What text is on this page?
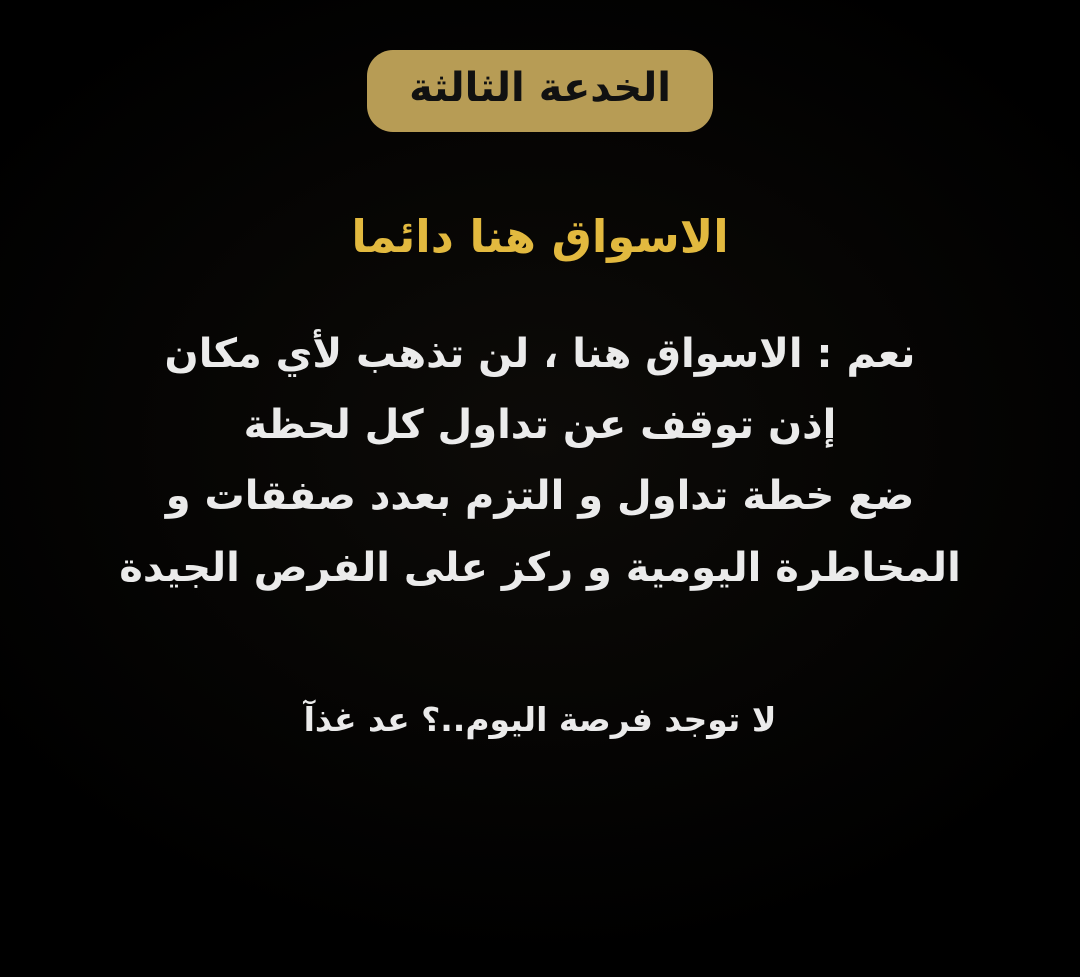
الخدعة الثالثة
الاسواق هنا دائما
نعم : الاسواق هنا ، لن تذهب لأي مكان
إذن توقف عن تداول كل لحظة
ضع خطة تداول و التزم بعدد صفقات و
المخاطرة اليومية و ركز على الفرص الجيدة
لا توجد فرصة اليوم..؟ عد غذآ
